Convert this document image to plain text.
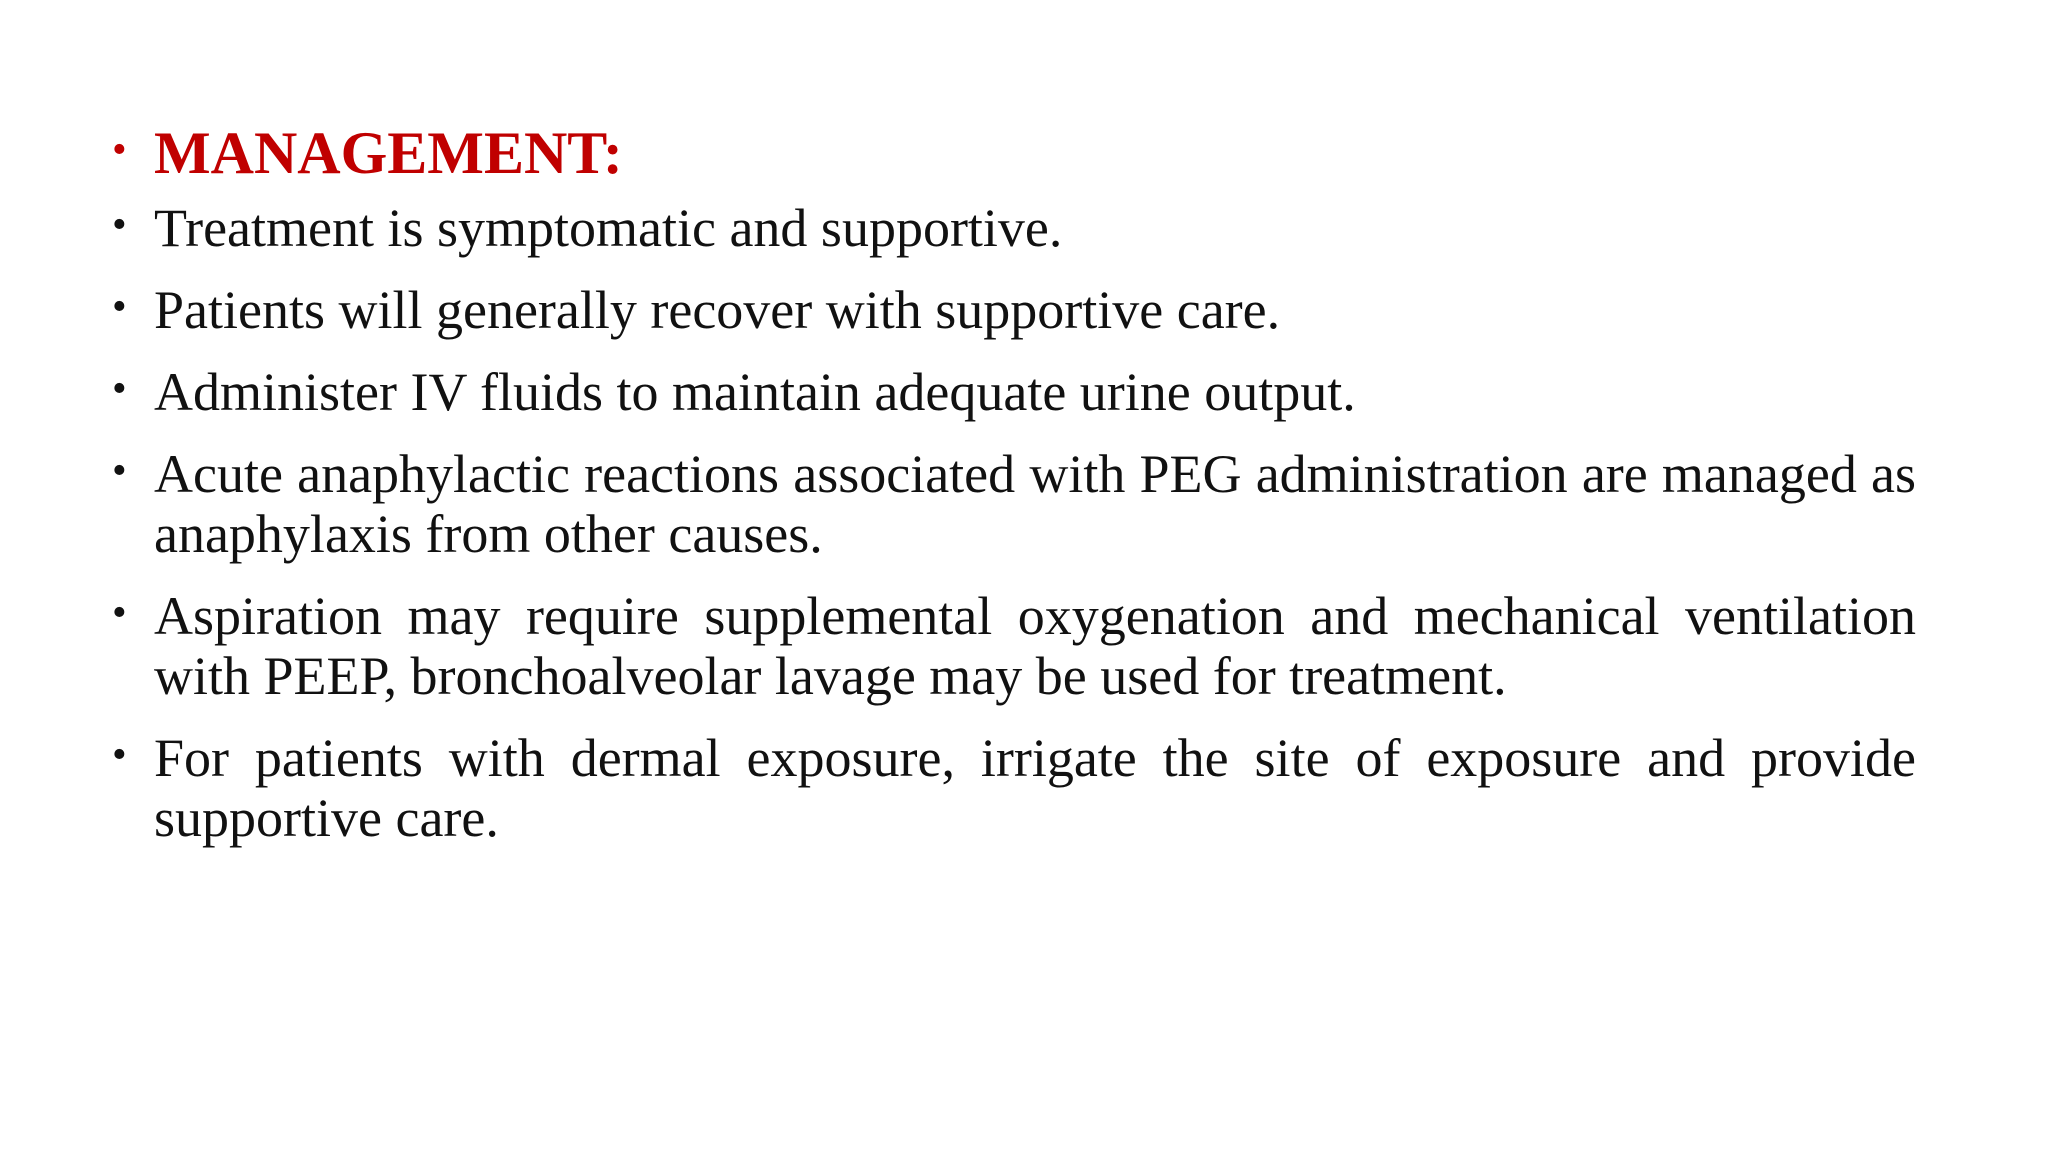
• MANAGEMENT:
• Treatment is symptomatic and supportive.
• Patients will generally recover with supportive care.
• Administer IV fluids to maintain adequate urine output.
• Acute anaphylactic reactions associated with PEG administration are managed as anaphylaxis from other causes.
• Aspiration may require supplemental oxygenation and mechanical ventilation with PEEP, bronchoalveolar lavage may be used for treatment.
• For patients with dermal exposure, irrigate the site of exposure and provide supportive care.
